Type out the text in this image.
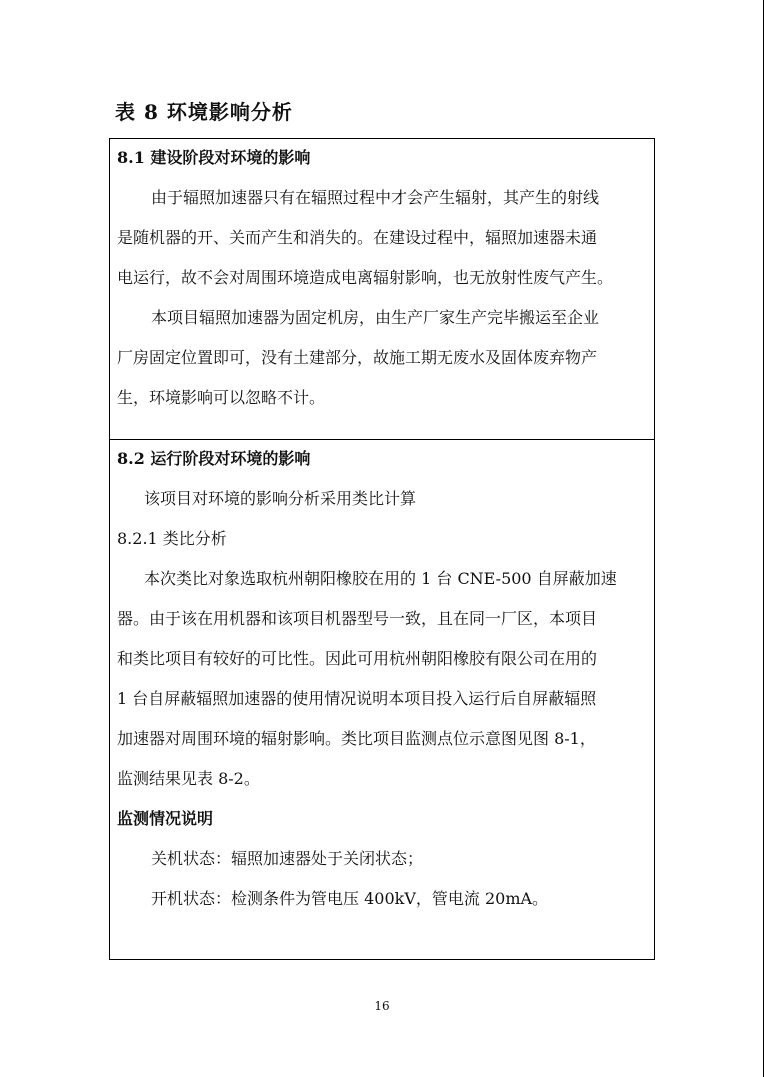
表 8 环境影响分析
8.1 建设阶段对环境的影响
由于辐照加速器只有在辐照过程中才会产生辐射，其产生的射线
是随机器的开、关而产生和消失的。在建设过程中，辐照加速器未通
电运行，故不会对周围环境造成电离辐射影响，也无放射性废气产生。
本项目辐照加速器为固定机房，由生产厂家生产完毕搬运至企业
厂房固定位置即可，没有土建部分，故施工期无废水及固体废弃物产
生，环境影响可以忽略不计。
8.2 运行阶段对环境的影响
该项目对环境的影响分析采用类比计算
8.2.1 类比分析
本次类比对象选取杭州朝阳橡胶在用的 1 台 CNE-500 自屏蔽加速
器。由于该在用机器和该项目机器型号一致，且在同一厂区，本项目
和类比项目有较好的可比性。因此可用杭州朝阳橡胶有限公司在用的
1 台自屏蔽辐照加速器的使用情况说明本项目投入运行后自屏蔽辐照
加速器对周围环境的辐射影响。类比项目监测点位示意图见图 8-1，
监测结果见表 8-2。
监测情况说明
关机状态：辐照加速器处于关闭状态；
开机状态：检测条件为管电压 400kV，管电流 20mA。
16
